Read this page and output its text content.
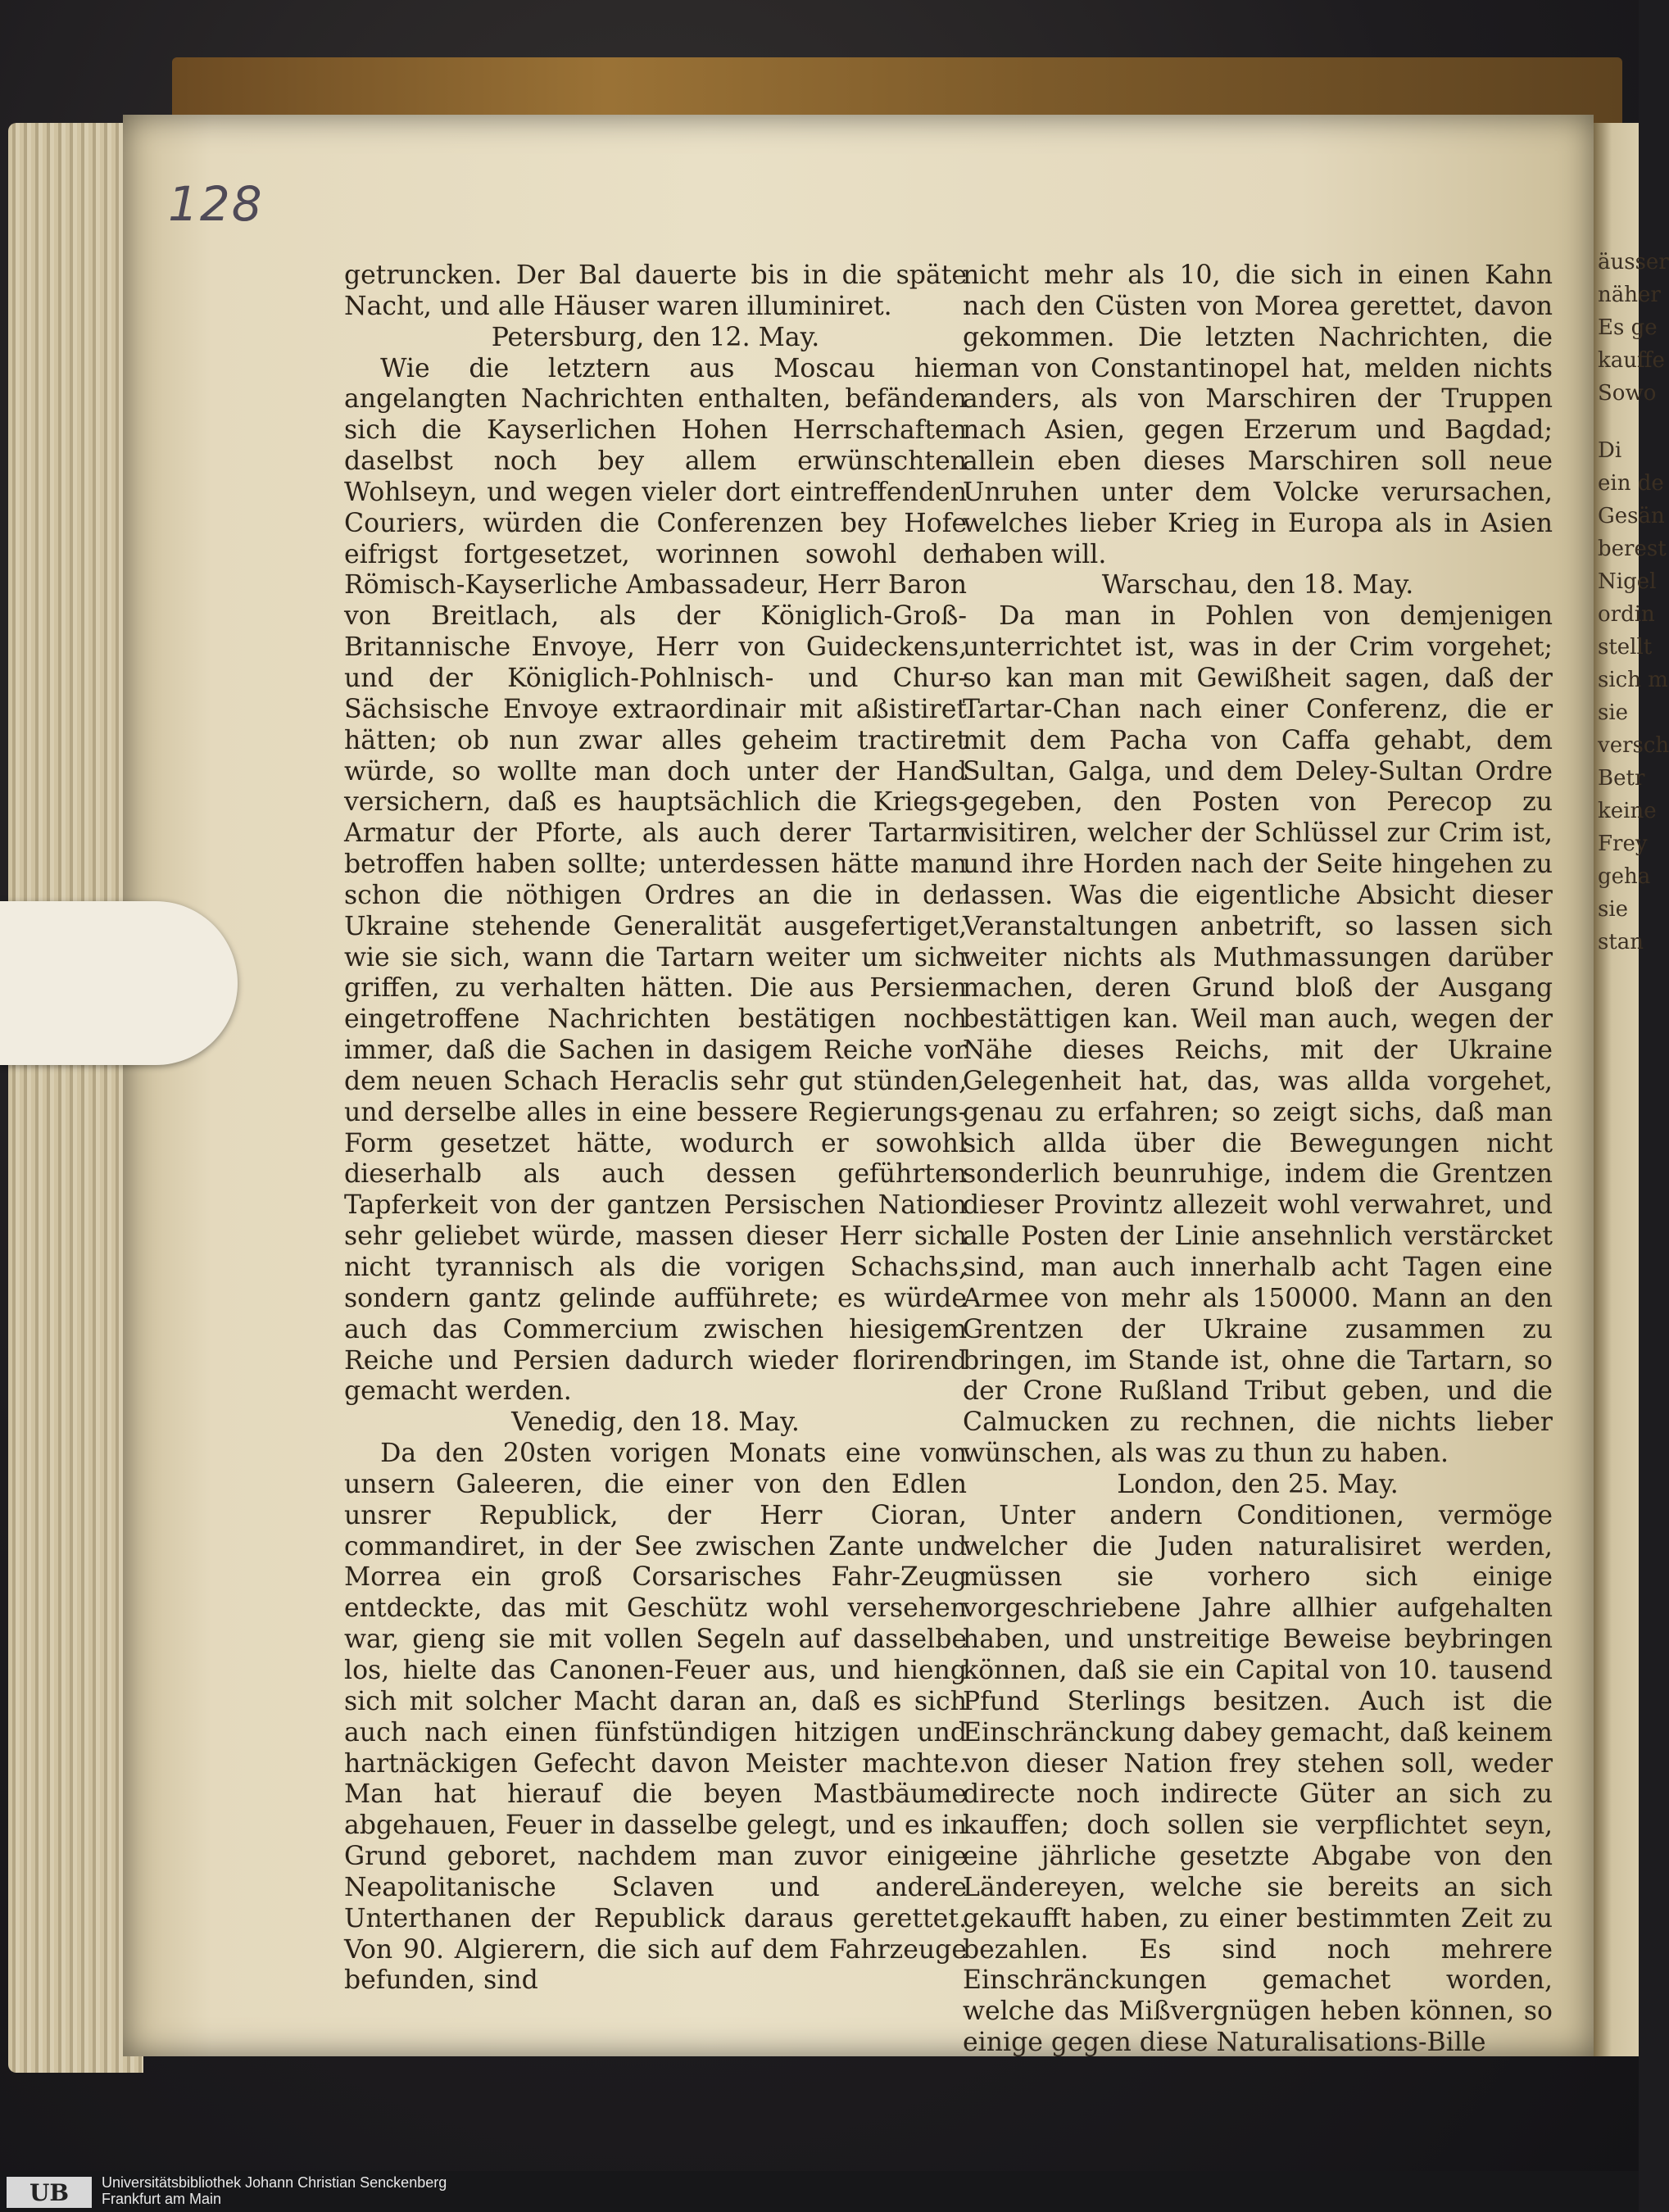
äusser
näher
Es ge
kauffe
Sowo
Di
ein de
Gesän
berest
Nigel
ordin
stellt
sich m
sie
versch
Betr
keine
Frey
geha
sie
stan
128

getruncken. Der Bal dauerte bis in die späte Nacht, und alle Häuser waren illuminiret.

Petersburg, den 12. May.

Wie die letztern aus Moscau hier angelangten Nachrichten enthalten, befänden sich die Kayserlichen Hohen Herrschaften daselbst noch bey allem erwünschten Wohlseyn, und wegen vieler dort eintreffenden Couriers, würden die Conferenzen bey Hofe eifrigst fortgesetzet, worinnen sowohl der Römisch-Kayserliche Ambassadeur, Herr Baron von Breitlach, als der Königlich-Groß-Britannische Envoye, Herr von Guideckens, und der Königlich-Pohlnisch- und Chur-Sächsische Envoye extraordinair mit aßistiret hätten; ob nun zwar alles geheim tractiret würde, so wollte man doch unter der Hand versichern, daß es hauptsächlich die Kriegs-Armatur der Pforte, als auch derer Tartarn betroffen haben sollte; unterdessen hätte man schon die nöthigen Ordres an die in der Ukraine stehende Generalität ausgefertiget, wie sie sich, wann die Tartarn weiter um sich griffen, zu verhalten hätten. Die aus Persien eingetroffene Nachrichten bestätigen noch immer, daß die Sachen in dasigem Reiche vor dem neuen Schach Heraclis sehr gut stünden, und derselbe alles in eine bessere Regierungs-Form gesetzet hätte, wodurch er sowohl dieserhalb als auch dessen geführten Tapferkeit von der gantzen Persischen Nation sehr geliebet würde, massen dieser Herr sich nicht tyrannisch als die vorigen Schachs, sondern gantz gelinde aufführete; es würde auch das Commercium zwischen hiesigem Reiche und Persien dadurch wieder florirend gemacht werden.

Venedig, den 18. May.

Da den 20sten vorigen Monats eine von unsern Galeeren, die einer von den Edlen unsrer Republick, der Herr Cioran, commandiret, in der See zwischen Zante und Morrea ein groß Corsarisches Fahr-Zeug entdeckte, das mit Geschütz wohl versehen war, gieng sie mit vollen Segeln auf dasselbe los, hielte das Canonen-Feuer aus, und hieng sich mit solcher Macht daran an, daß es sich auch nach einen fünfstündigen hitzigen und hartnäckigen Gefecht davon Meister machte. Man hat hierauf die beyen Mastbäume abgehauen, Feuer in dasselbe gelegt, und es in Grund geboret, nachdem man zuvor einige Neapolitanische Sclaven und andere Unterthanen der Republick daraus gerettet. Von 90. Algierern, die sich auf dem Fahrzeuge befunden, sind

nicht mehr als 10, die sich in einen Kahn nach den Cüsten von Morea gerettet, davon gekommen. Die letzten Nachrichten, die man von Constantinopel hat, melden nichts anders, als von Marschiren der Truppen nach Asien, gegen Erzerum und Bagdad; allein eben dieses Marschiren soll neue Unruhen unter dem Volcke verursachen, welches lieber Krieg in Europa als in Asien haben will.

Warschau, den 18. May.

Da man in Pohlen von demjenigen unterrichtet ist, was in der Crim vorgehet; so kan man mit Gewißheit sagen, daß der Tartar-Chan nach einer Conferenz, die er mit dem Pacha von Caffa gehabt, dem Sultan, Galga, und dem Deley-Sultan Ordre gegeben, den Posten von Perecop zu visitiren, welcher der Schlüssel zur Crim ist, und ihre Horden nach der Seite hingehen zu lassen. Was die eigentliche Absicht dieser Veranstaltungen anbetrift, so lassen sich weiter nichts als Muthmassungen darüber machen, deren Grund bloß der Ausgang bestättigen kan. Weil man auch, wegen der Nähe dieses Reichs, mit der Ukraine Gelegenheit hat, das, was allda vorgehet, genau zu erfahren; so zeigt sichs, daß man sich allda über die Bewegungen nicht sonderlich beunruhige, indem die Grentzen dieser Provintz allezeit wohl verwahret, und alle Posten der Linie ansehnlich verstärcket sind, man auch innerhalb acht Tagen eine Armee von mehr als 150000. Mann an den Grentzen der Ukraine zusammen zu bringen, im Stande ist, ohne die Tartarn, so der Crone Rußland Tribut geben, und die Calmucken zu rechnen, die nichts lieber wünschen, als was zu thun zu haben.

London, den 25. May.

Unter andern Conditionen, vermöge welcher die Juden naturalisiret werden, müssen sie vorhero sich einige vorgeschriebene Jahre allhier aufgehalten haben, und unstreitige Beweise beybringen können, daß sie ein Capital von 10. tausend Pfund Sterlings besitzen. Auch ist die Einschränckung dabey gemacht, daß keinem von dieser Nation frey stehen soll, weder directe noch indirecte Güter an sich zu kauffen; doch sollen sie verpflichtet seyn, eine jährliche gesetzte Abgabe von den Ländereyen, welche sie bereits an sich gekaufft haben, zu einer bestimmten Zeit zu bezahlen. Es sind noch mehrere Einschränckungen gemachet worden, welche das Mißvergnügen heben können, so einige gegen diese Naturalisations-Bille

UB	Universitätsbibliothek Johann Christian Senckenberg
Frankfurt am Main
